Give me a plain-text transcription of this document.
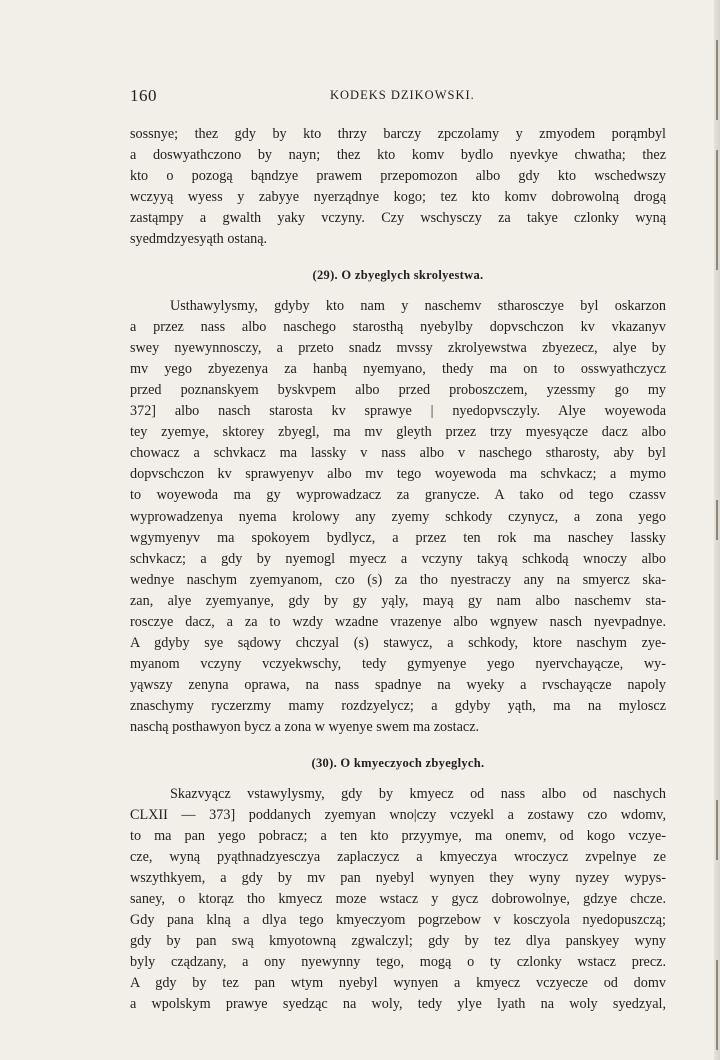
160	KODEKS DZIKOWSKI.
sossnye; thez gdy by kto thrzy barczy zpczolamy y zmyodem porąmbyl
a doswyathczono by nayn; thez kto komv bydlo nyevkye chwatha; thez
kto o pozogą bąndzye prawem przepomozon albo gdy kto wschedwszy
wczyyą wyess y zabyye nyerządnye kogo; tez kto komv dobrowolną drogą
zastąmpy a gwalth yaky vczyny. Czy wschysczy za takye czlonky wyną
syedmdzyesyąth ostaną.
(29). O zbyeglych skrolyestwa.
Usthawylysmy, gdyby kto nam y naschemv stharosczye byl oskarzon
a przez nass albo naschego starosthą nyebylby dopvschczon kv vkazanyv
swey nyewynnosczy, a przeto snadz mvssy zkrolyewstwa zbyezecz, alye by
mv yego zbyezenya za hanbą nyemyano, thedy ma on to osswyathczycz
przed poznanskyem byskvpem albo przed proboszczem, yzessmy go my
372] albo nasch starosta kv sprawye | nyedopvsczyly. Alye woyewoda
tey zyemye, sktorey zbyegl, ma mv gleyth przez trzy myesyącze dacz albo
chowacz a schvkacz ma lassky v nass albo v naschego stharosty, aby byl
dopvschczon kv sprawyenyv albo mv tego woyewoda ma schvkacz; a mymo
to woyewoda ma gy wyprowadzacz za granycze. A tako od tego czassv
wyprowadzenya nyema krolowy any zyemy schkody czynycz, a zona yego
wgymyenyv ma spokoyem bydlycz, a przez ten rok ma naschey lassky
schvkacz; a gdy by nyemogl myecz a vczyny takyą schkodą wnoczy albo
wednye naschym zyemyanom, czo (s) za tho nyestraczy any na smyercz ska-
zan, alye zyemyanye, gdy by gy yąly, mayą gy nam albo naschemv sta-
rosczye dacz, a za to wzdy wzadne vrazenye albo wgnyew nasch nyevpadnye.
A gdyby sye sądowy chczyal (s) stawycz, a schkody, ktore naschym zye-
myanom vczyny vczyekwschy, tedy gymyenye yego nyervchayącze, wy-
yąwszy zenyna oprawa, na nass spadnye na wyeky a rvschayącze napoly
znaschymy ryczerzmy mamy rozdzyelycz; a gdyby yąth, ma na myloscz
naschą posthawyon bycz a zona w wyenye swem ma zostacz.
(30). O kmyeczyoch zbyeglych.
Skazvyącz vstawylysmy, gdy by kmyecz od nass albo od naschych
CLXII — 373] poddanych zyemyan wno|czy vczyekl a zostawy czo wdomv,
to ma pan yego pobracz; a ten kto przyymye, ma onemv, od kogo vczye-
cze, wyną pyąthnadzyesczya zaplaczycz a kmyeczya wroczycz zvpelnye ze
wszythkyem, a gdy by mv pan nyebyl wynyen they wyny nyzey wypys-
saney, o ktorąz tho kmyecz moze wstacz y gycz dobrowolnye, gdzye chcze.
Gdy pana klną a dlya tego kmyeczyom pogrzebow v kosczyola nyedopuszczą;
gdy by pan swą kmyotowną zgwalczyl; gdy by tez dlya panskyey wyny
byly cządzany, a ony nyewynny tego, mogą o ty czlonky wstacz precz.
A gdy by tez pan wtym nyebyl wynyen a kmyecz vczyecze od domv
a wpolskym prawye syedząc na woly, tedy ylye lyath na woly syedzyal,
